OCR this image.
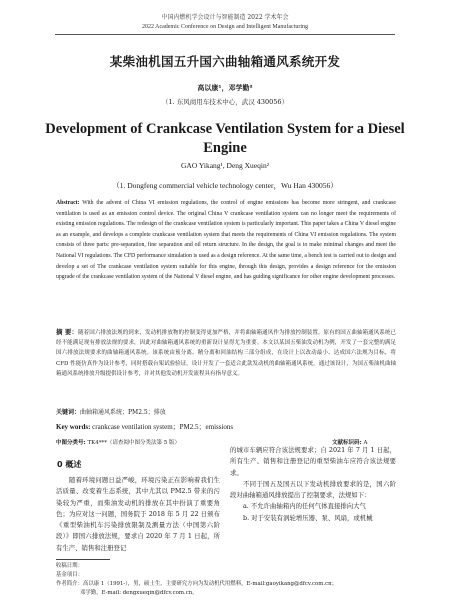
中国内燃机学会设计与智能制造 2022 学术年会
2022 Academic Conference on Design and Intelligent Manufacturing
某柴油机国五升国六曲轴箱通风系统开发
高以康¹，邓学勤²
（1. 东风商用车技术中心，武汉 430056）
Development of Crankcase Ventilation System for a Diesel Engine
GAO Yikang¹, Deng Xueqin²
（1. Dongfeng commercial vehicle technology center，Wu Han 430056）
Abstract: With the advent of China VI emission regulations, the control of engine emissions has become more stringent, and crankcase ventilation is used as an emission control device. The original China V crankcase ventilation system can no longer meet the requirements of existing emission regulations. The redesign of the crankcase ventilation system is particularly important. This paper takes a China V diesel engine as an example, and develops a complete crankcase ventilation system that meets the requirements of China VI emission regulations. The system consists of three parts: pre-separation, fine separation and oil return structure. In the design, the goal is to make minimal changes and meet the National VI regulations. The CFD performance simulation is used as a design reference. At the same time, a bench test is carried out to design and develop a set of The crankcase ventilation system suitable for this engine, through this design, provides a design reference for the emission upgrade of the crankcase ventilation system of the National V diesel engine, and has guiding significance for other engine development processes.
摘 要：随着国六排放法规的到来，发动机排放物的控制变得更加严格，并将曲轴箱通风作为排放控制装置。原有的国五曲轴箱通风系统已经不能满足现有排放法规的要求，因此对曲轴箱通风系统的重新设计显得尤为重要。本文以某国五柴油发动机为例，开发了一套完整的满足国六排放法规要求的曲轴箱通风系统。该系统由预分离、精分离和回油结构三部分组成，在设计上以改动最小、达成国六法规为目标，将 CFD 性能仿真作为设计参考，同时搭载台架试验验证，设计开发了一套适合此款发动机的曲轴箱通风系统，通过该设计，为国五柴油机曲轴箱通风系统排放升级提供设计参考，并对其他发动机开发流程具有指导意义。
关键词：曲轴箱通风系统；PM2.5；排放
Key words: crankcase ventilation system；PM2.5；emissions
中图分类号: TK4***（请查阅中图分类法第 5 版）	文献标识码: A
0 概述

随着环境问题日益严峻，环境污染正在影响着我们生活质量、改变着生态系统，其中尤其以 PM2.5 带来的污染较为严重，而柴油发动机的排放在其中扮演了重要角色；为应对这一问题，国务院于 2018 年 5 月 22 日颁布《重型柴油机车污染排放限制及测量方法（中国第六阶段）》即国六排放法规，要求自 2020 年 7 月 1 日起，所有生产、销售和注册登记

的城市车辆应符合该法规要求；自 2021 年 7 月 1 日起，所有生产、销售和注册登记的重型柴油车应符合该法规要求。

不同于国五及国五以下发动机排放要求的是，国六阶段对曲轴箱通风排放提出了控制要求，法规如下：

a. 不允许曲轴箱内的任何气体直接排向大气

b. 对于安装有涡轮增压器、泵、风扇，或机械

收稿日期：
基金项目：
作者简介：高以康 1（1991-），男，硕士生，主要研究方向为发动机代用燃料，E-mail:gaoyikang@dfcv.com.cn；
邓学勤，E-mail: dengxueqin@dfcv.com.cn。
